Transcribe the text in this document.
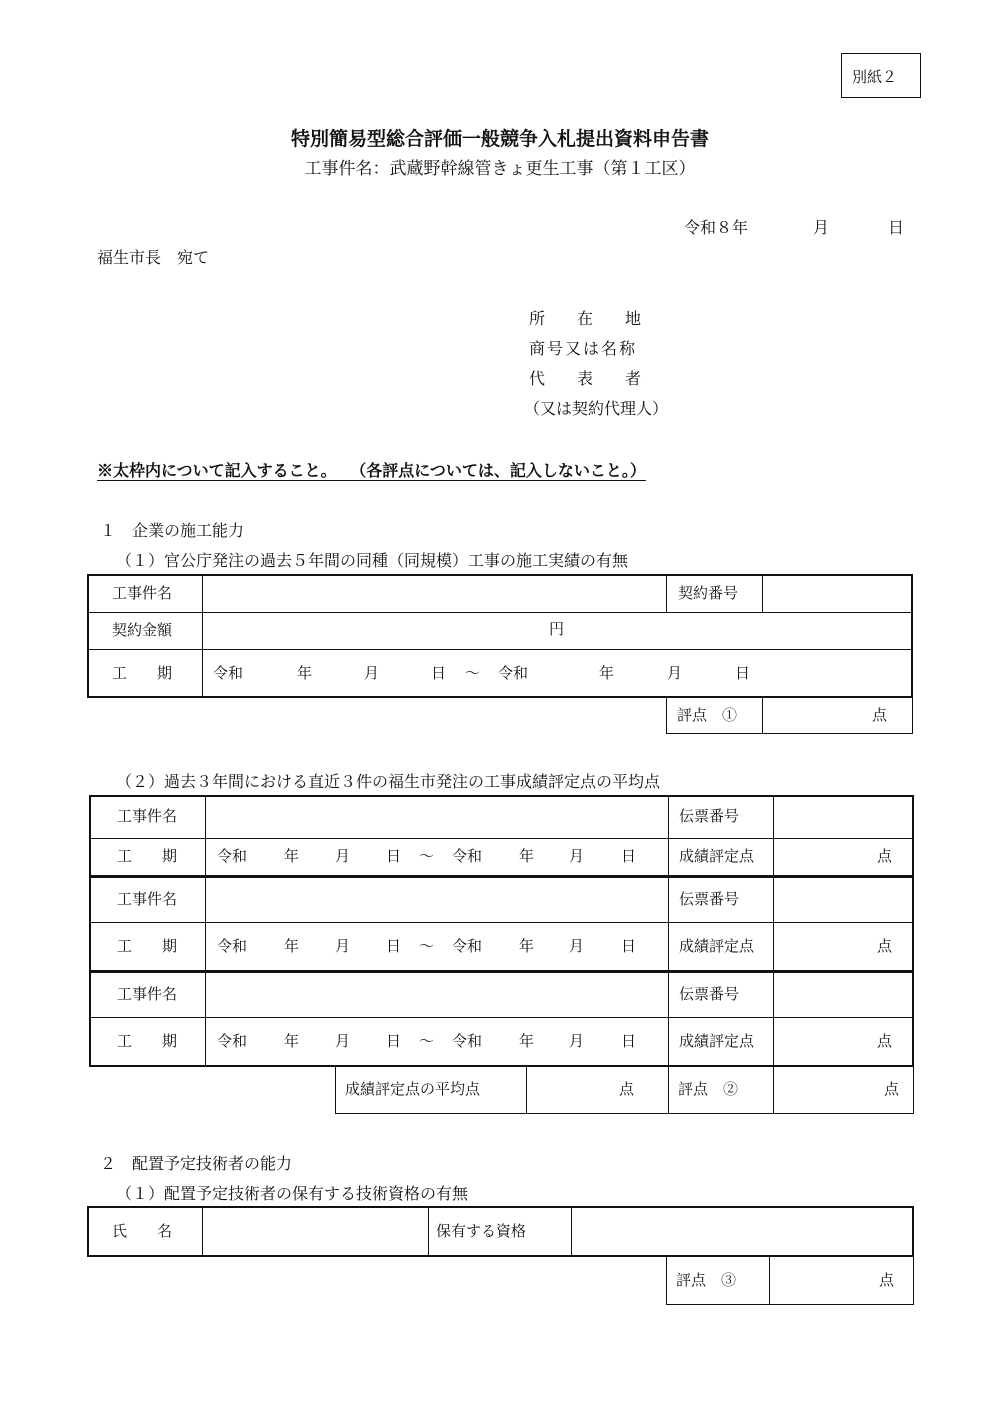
別紙２
特別簡易型総合評価一般競争入札提出資料申告書
工事件名：武蔵野幹線管きょ更生工事（第１工区）
令和８年	月	日
福生市長　宛て
所　　在　　地
商号又は名称
代　　表　　者
（又は契約代理人）
※太枠内について記入すること。　 （各評点については、記入しないこと。）
１　企業の施工能力
（１）官公庁発注の過去５年間の同種（同規模）工事の施工実績の有無
工事件名	契約番号
契約金額	円
工　　期	令和	年	月	日 ～ 令和	年	月	日
評点　①	点
（２）過去３年間における直近３件の福生市発注の工事成績評定点の平均点
工事件名	伝票番号
工　　期	令和 年 月 日 ～ 令和 年 月 日	成績評定点	点
工事件名	伝票番号
工　　期	令和 年 月 日 ～ 令和 年 月 日	成績評定点	点
工事件名	伝票番号
工　　期	令和 年 月 日 ～ 令和 年 月 日	成績評定点	点
成績評定点の平均点	点	評点　②	点
２　配置予定技術者の能力
（１）配置予定技術者の保有する技術資格の有無
氏　　名	保有する資格
評点　③	点
